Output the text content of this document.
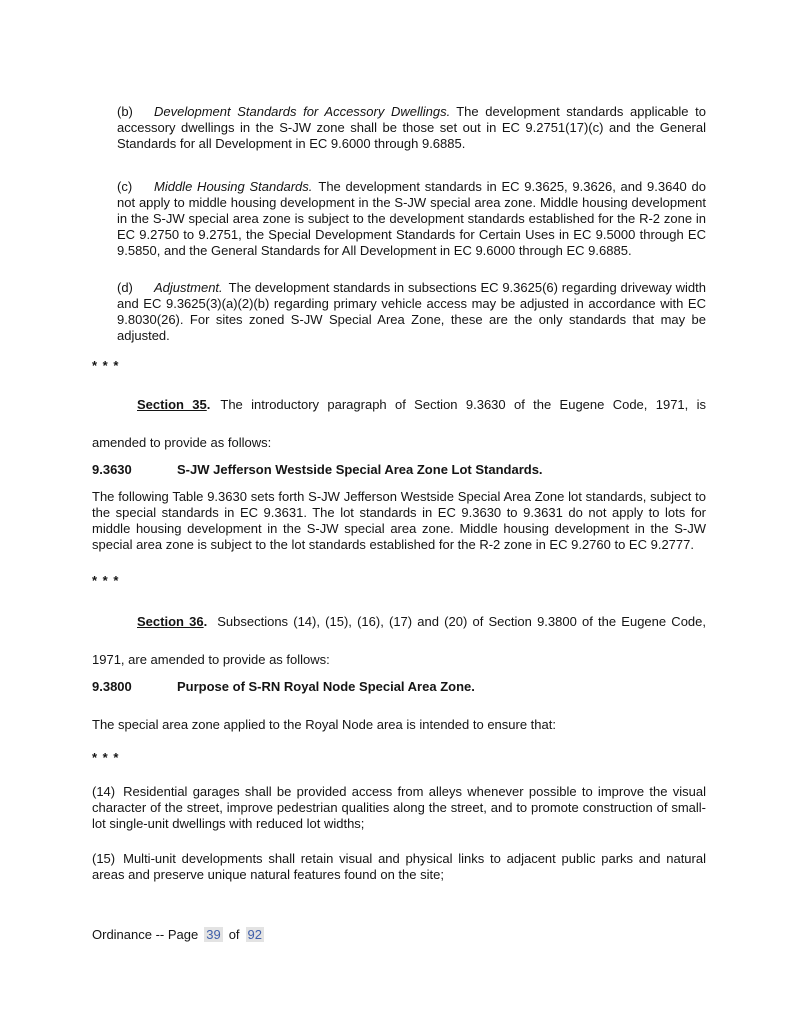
(b) Development Standards for Accessory Dwellings. The development standards applicable to accessory dwellings in the S-JW zone shall be those set out in EC 9.2751(17)(c) and the General Standards for all Development in EC 9.6000 through 9.6885.

(c) Middle Housing Standards. The development standards in EC 9.3625, 9.3626, and 9.3640 do not apply to middle housing development in the S-JW special area zone. Middle housing development in the S-JW special area zone is subject to the development standards established for the R-2 zone in EC 9.2750 to 9.2751, the Special Development Standards for Certain Uses in EC 9.5000 through EC 9.5850, and the General Standards for All Development in EC 9.6000 through EC 9.6885.

(d) Adjustment. The development standards in subsections EC 9.3625(6) regarding driveway width and EC 9.3625(3)(a)(2)(b) regarding primary vehicle access may be adjusted in accordance with EC 9.8030(26). For sites zoned S-JW Special Area Zone, these are the only standards that may be adjusted.

* * *

Section 35. The introductory paragraph of Section 9.3630 of the Eugene Code, 1971, is amended to provide as follows:

9.3630	S-JW Jefferson Westside Special Area Zone Lot Standards.

The following Table 9.3630 sets forth S-JW Jefferson Westside Special Area Zone lot standards, subject to the special standards in EC 9.3631. The lot standards in EC 9.3630 to 9.3631 do not apply to lots for middle housing development in the S-JW special area zone. Middle housing development in the S-JW special area zone is subject to the lot standards established for the R-2 zone in EC 9.2760 to EC 9.2777.

* * *

Section 36. Subsections (14), (15), (16), (17) and (20) of Section 9.3800 of the Eugene Code, 1971, are amended to provide as follows:

9.3800	Purpose of S-RN Royal Node Special Area Zone.

The special area zone applied to the Royal Node area is intended to ensure that:

* * *

(14) Residential garages shall be provided access from alleys whenever possible to improve the visual character of the street, improve pedestrian qualities along the street, and to promote construction of small-lot single-unit dwellings with reduced lot widths;

(15) Multi-unit developments shall retain visual and physical links to adjacent public parks and natural areas and preserve unique natural features found on the site;

Ordinance -- Page 39 of 92
